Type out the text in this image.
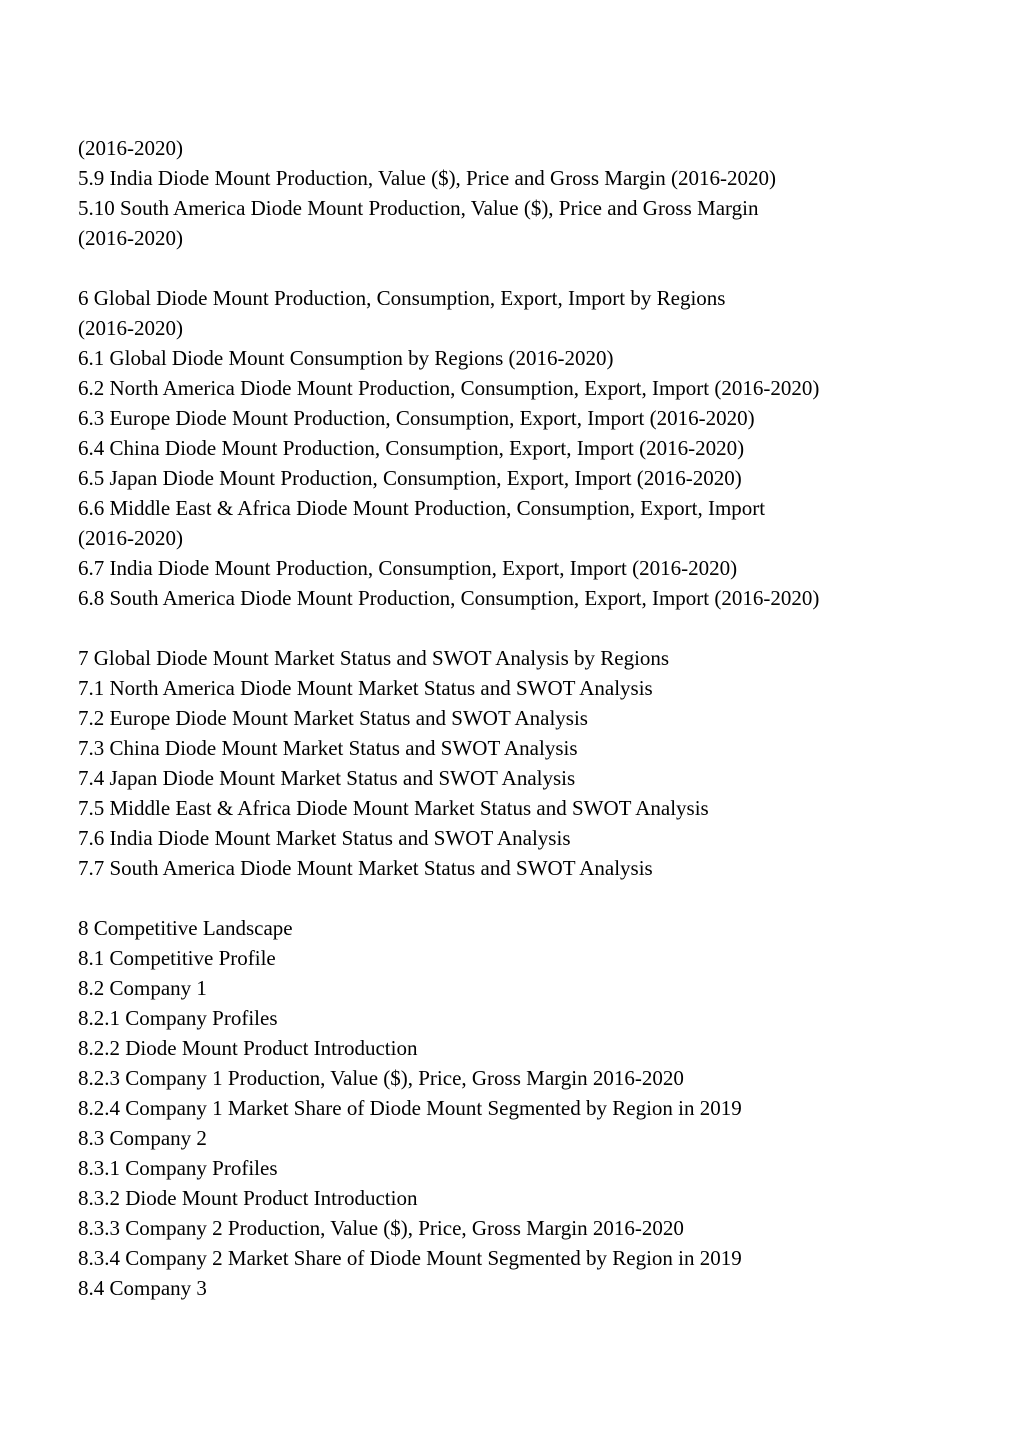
(2016-2020)
5.9 India Diode Mount Production, Value ($), Price and Gross Margin (2016-2020)
5.10 South America Diode Mount Production, Value ($), Price and Gross Margin
(2016-2020)
6 Global Diode Mount Production, Consumption, Export, Import by Regions
(2016-2020)
6.1 Global Diode Mount Consumption by Regions (2016-2020)
6.2 North America Diode Mount Production, Consumption, Export, Import (2016-2020)
6.3 Europe Diode Mount Production, Consumption, Export, Import (2016-2020)
6.4 China Diode Mount Production, Consumption, Export, Import (2016-2020)
6.5 Japan Diode Mount Production, Consumption, Export, Import (2016-2020)
6.6 Middle East & Africa Diode Mount Production, Consumption, Export, Import
(2016-2020)
6.7 India Diode Mount Production, Consumption, Export, Import (2016-2020)
6.8 South America Diode Mount Production, Consumption, Export, Import (2016-2020)
7 Global Diode Mount Market Status and SWOT Analysis by Regions
7.1 North America Diode Mount Market Status and SWOT Analysis
7.2 Europe Diode Mount Market Status and SWOT Analysis
7.3 China Diode Mount Market Status and SWOT Analysis
7.4 Japan Diode Mount Market Status and SWOT Analysis
7.5 Middle East & Africa Diode Mount Market Status and SWOT Analysis
7.6 India Diode Mount Market Status and SWOT Analysis
7.7 South America Diode Mount Market Status and SWOT Analysis
8 Competitive Landscape
8.1 Competitive Profile
8.2 Company 1
8.2.1 Company Profiles
8.2.2 Diode Mount Product Introduction
8.2.3 Company 1 Production, Value ($), Price, Gross Margin 2016-2020
8.2.4 Company 1 Market Share of Diode Mount Segmented by Region in 2019
8.3 Company 2
8.3.1 Company Profiles
8.3.2 Diode Mount Product Introduction
8.3.3 Company 2 Production, Value ($), Price, Gross Margin 2016-2020
8.3.4 Company 2 Market Share of Diode Mount Segmented by Region in 2019
8.4 Company 3
